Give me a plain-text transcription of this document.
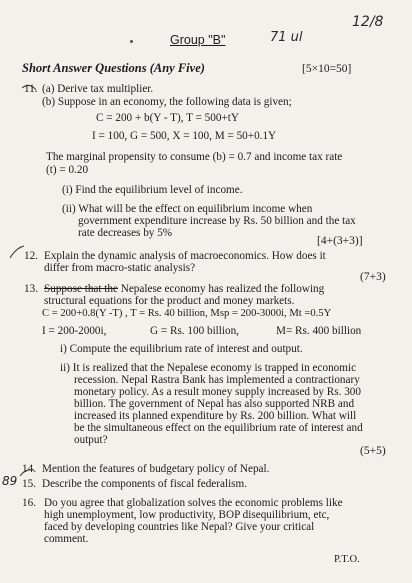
12/8
71 ul
89
Group "B"
Short Answer Questions (Any Five)	[5×10=50]
11. (a) Derive tax multiplier.
(b) Suppose in an economy, the following data is given;
C = 200 + b(Y - T), T = 500+tY
I = 100, G = 500, X = 100, M = 50+0.1Y
The marginal propensity to consume (b) = 0.7 and income tax rate
(t) = 0.20
(i) Find the equilibrium level of income.
(ii) What will be the effect on equilibrium income when
government expenditure increase by Rs. 50 billion and the tax
rate decreases by 5%
[4+(3+3)]
12. Explain the dynamic analysis of macroeconomics. How does it
differ from macro-static analysis?
(7+3)
13. Suppose that the Nepalese economy has realized the following
structural equations for the product and money markets.
C = 200+0.8(Y -T) , T = Rs. 40 billion, Msp = 200-3000i, Mt =0.5Y
I = 200-2000i,	G = Rs. 100 billion,	M= Rs. 400 billion
i) Compute the equilibrium rate of interest and output.
ii) It is realized that the Nepalese economy is trapped in economic
recession. Nepal Rastra Bank has implemented a contractionary
monetary policy. As a result money supply increased by Rs. 300
billion. The government of Nepal has also supported NRB and
increased its planned expenditure by Rs. 200 billion. What will
be the simultaneous effect on the equilibrium rate of interest and
output?
(5+5)
14. Mention the features of budgetary policy of Nepal.
15. Describe the components of fiscal federalism.
16. Do you agree that globalization solves the economic problems like
high unemployment, low productivity, BOP disequilibrium, etc,
faced by developing countries like Nepal? Give your critical
comment.
P.T.O.
